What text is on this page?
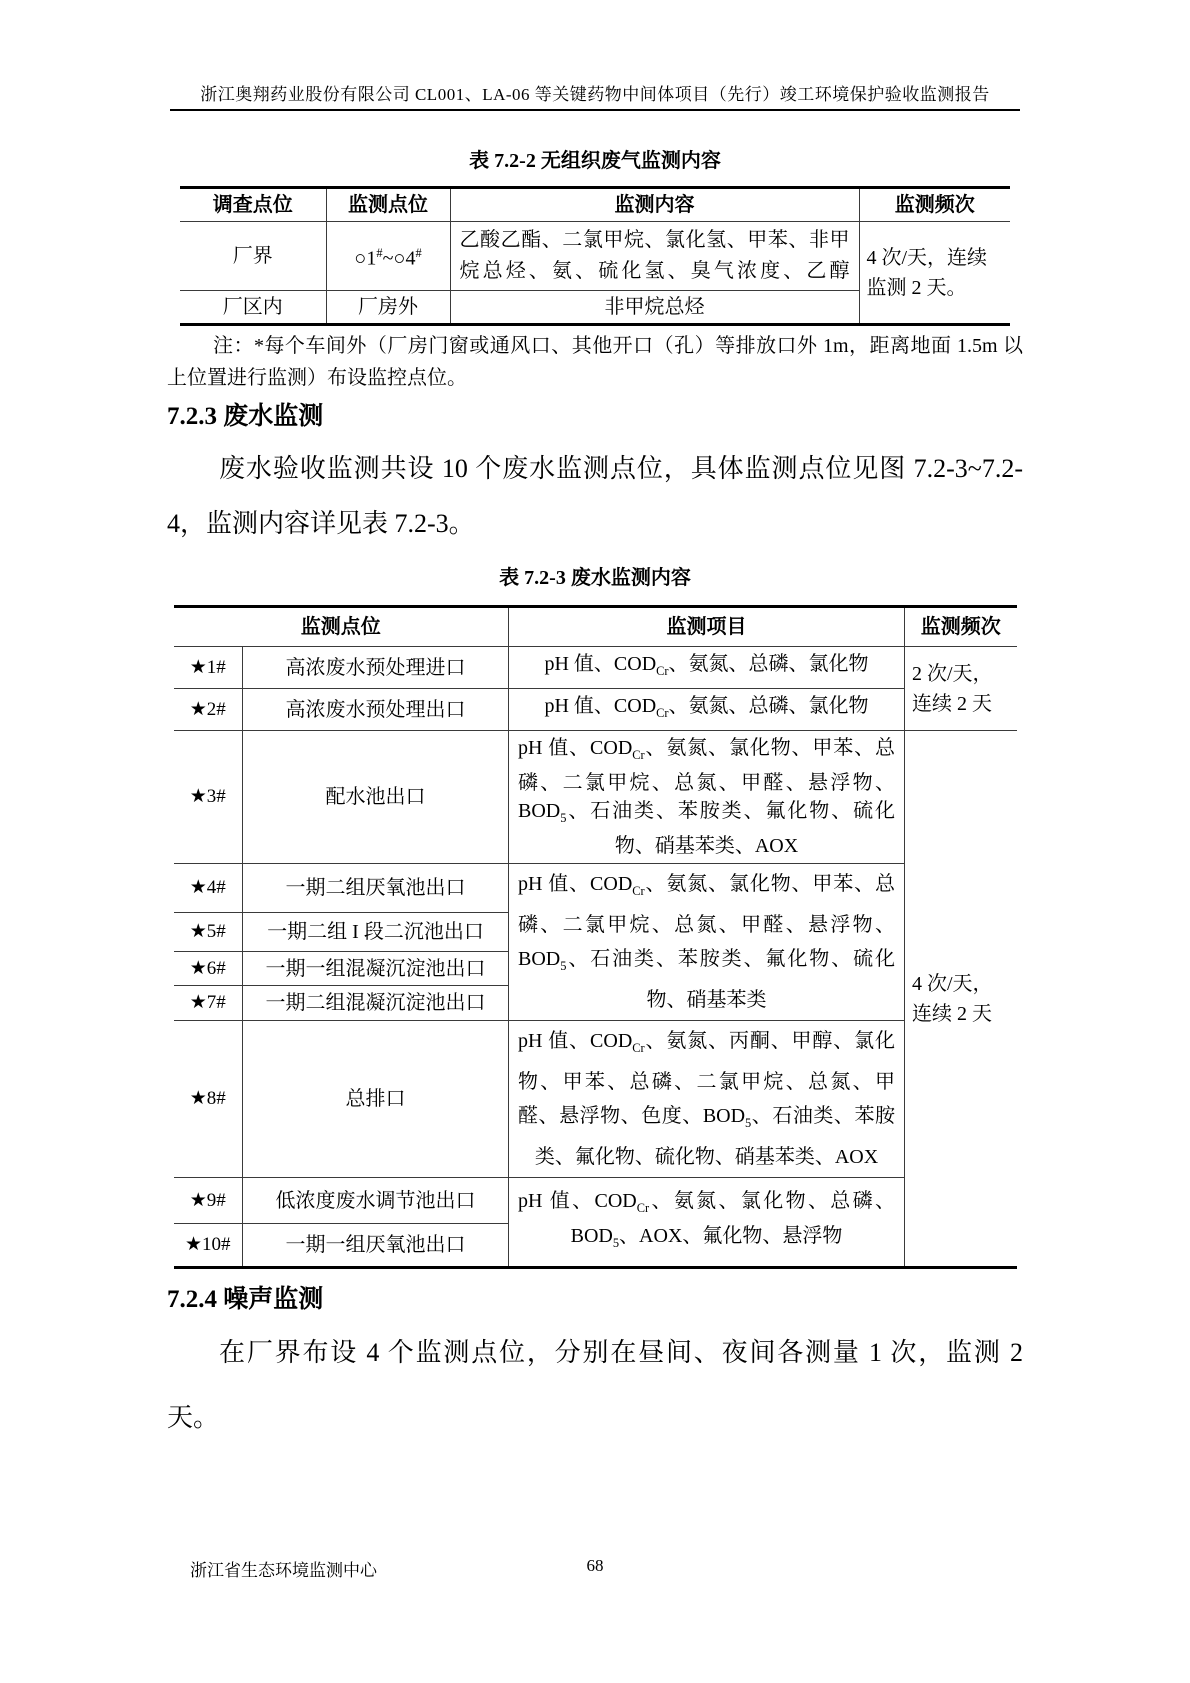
浙江奥翔药业股份有限公司 CL001、LA-06 等关键药物中间体项目（先行）竣工环境保护验收监测报告
表 7.2-2 无组织废气监测内容
调查点位	监测点位	监测内容	监测频次
厂界	○1#~○4#	乙酸乙酯、二氯甲烷、氯化氢、甲苯、非甲烷总烃、氨、硫化氢、臭气浓度、乙醇	4 次/天，连续监测 2 天。
厂区内	厂房外	非甲烷总烃	

注：*每个车间外（厂房门窗或通风口、其他开口（孔）等排放口外 1m，距离地面 1.5m 以上位置进行监测）布设监控点位。

7.2.3 废水监测

废水验收监测共设 10 个废水监测点位，具体监测点位见图 7.2-3~7.2-4，监测内容详见表 7.2-3。

表 7.2-3 废水监测内容
监测点位		监测项目	监测频次
★1#	高浓废水预处理进口	pH 值、$COD_{Cr}$、氨氮、总磷、氯化物	2 次/天，连续 2 天
★2#	高浓废水预处理出口	pH 值、$COD_{Cr}$、氨氮、总磷、氯化物	
★3#	配水池出口	pH 值、$COD_{Cr}$、氨氮、氯化物、甲苯、总磷、二氯甲烷、总氮、甲醛、悬浮物、$BOD_5$、石油类、苯胺类、氟化物、硫化物、硝基苯类、AOX	4 次/天，连续 2 天
★4#	一期二组厌氧池出口	pH 值、$COD_{Cr}$、氨氮、氯化物、甲苯、总磷、二氯甲烷、总氮、甲醛、悬浮物、$BOD_5$、石油类、苯胺类、氟化物、硫化物、硝基苯类	
★5#	一期二组 I 段二沉池出口		
★6#	一期一组混凝沉淀池出口		
★7#	一期二组混凝沉淀池出口		
★8#	总排口	pH 值、$COD_{Cr}$、氨氮、丙酮、甲醇、氯化物、甲苯、总磷、二氯甲烷、总氮、甲醛、悬浮物、色度、$BOD_5$、石油类、苯胺类、氟化物、硫化物、硝基苯类、AOX	
★9#	低浓度废水调节池出口	pH 值、$COD_{Cr}$、氨氮、氯化物、总磷、$BOD_5$、AOX、氟化物、悬浮物	
★10#	一期一组厌氧池出口		
7.2.4 噪声监测

在厂界布设 4 个监测点位，分别在昼间、夜间各测量 1 次，监测 2 天。

浙江省生态环境监测中心	68
